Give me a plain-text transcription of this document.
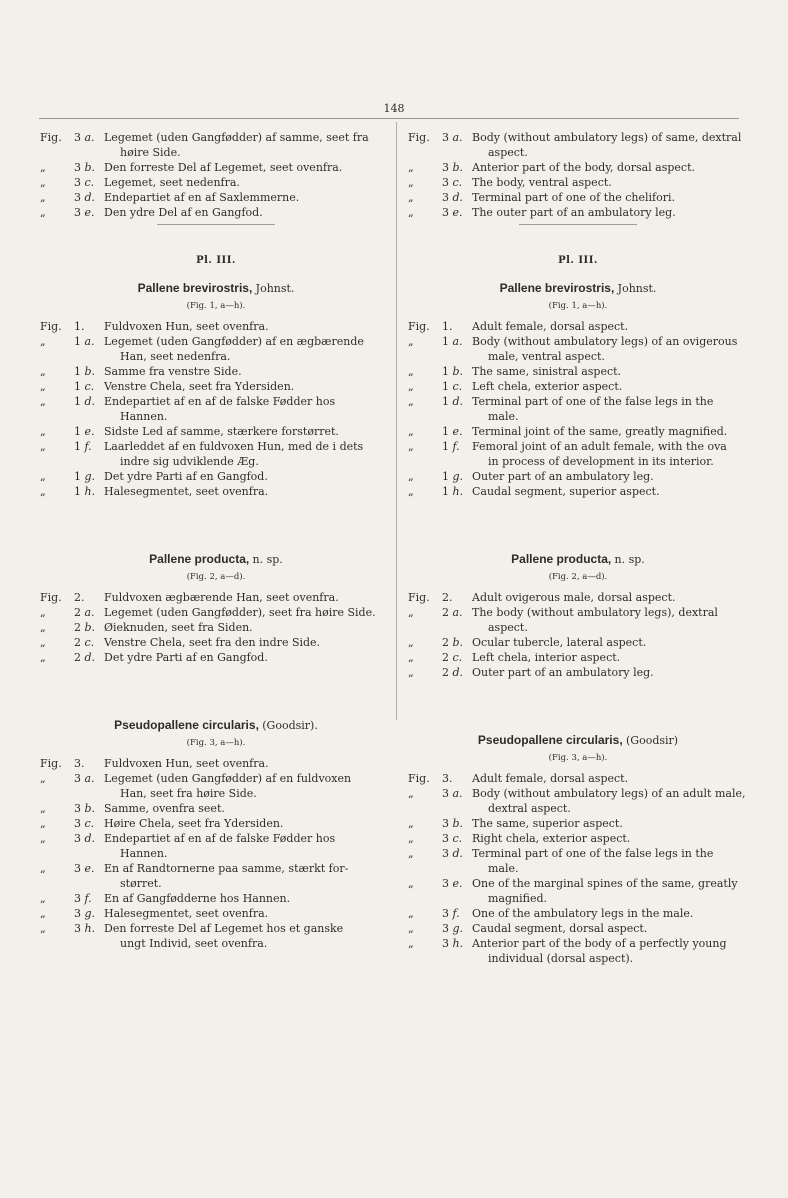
148
Fig.	3 a. Legemet (uden Gangfødder) af samme, seet fra
høire Side.
„	3 b. Den forreste Del af Legemet, seet ovenfra.
„	3 c. Legemet, seet nedenfra.
„	3 d. Endepartiet af en af Saxlemmerne.
„	3 e. Den ydre Del af en Gangfod.
Pl. III.
Pallene brevirostris, Johnst.
(Fig. 1, a—h).
Fig.	1.	Fuldvoxen Hun, seet ovenfra.
„	1 a. Legemet (uden Gangfødder) af en ægbærende
Han, seet nedenfra.
„	1 b. Samme fra venstre Side.
„	1 c. Venstre Chela, seet fra Ydersiden.
„	1 d. Endepartiet af en af de falske Fødder hos
Hannen.
„	1 e. Sidste Led af samme, stærkere forstørret.
„	1 f.	Laarleddet af en fuldvoxen Hun, med de i dets
indre sig udviklende Æg.
„	1 g. Det ydre Parti af en Gangfod.
„	1 h. Halesegmentet, seet ovenfra.
Pallene producta, n. sp.
(Fig. 2, a—d).
Fig.	2.	Fuldvoxen ægbærende Han, seet ovenfra.
„	2 a. Legemet (uden Gangfødder), seet fra høire Side.
„	2 b. Øieknuden, seet fra Siden.
„	2 c. Venstre Chela, seet fra den indre Side.
„	2 d. Det ydre Parti af en Gangfod.
Pseudopallene circularis, (Goodsir).
(Fig. 3, a—h).
Fig.	3.	Fuldvoxen Hun, seet ovenfra.
„	3 a. Legemet (uden Gangfødder) af en fuldvoxen
Han, seet fra høire Side.
„	3 b. Samme, ovenfra seet.
„	3 c. Høire Chela, seet fra Ydersiden.
„	3 d. Endepartiet af en af de falske Fødder hos
Hannen.
„	3 e. En af Randtornerne paa samme, stærkt for-
størret.
„	3 f.	En af Gangfødderne hos Hannen.
„	3 g. Halesegmentet, seet ovenfra.
„	3 h. Den forreste Del af Legemet hos et ganske
ungt Individ, seet ovenfra.
Fig.	3 a. Body (without ambulatory legs) of same, dextral
aspect.
„	3 b. Anterior part of the body, dorsal aspect.
„	3 c. The body, ventral aspect.
„	3 d. Terminal part of one of the chelifori.
„	3 e. The outer part of an ambulatory leg.
Pl. III.
Pallene brevirostris, Johnst.
(Fig. 1, a—h).
Fig.	1.	Adult female, dorsal aspect.
„	1 a. Body (without ambulatory legs) of an ovigerous
male, ventral aspect.
„	1 b. The same, sinistral aspect.
„	1 c. Left chela, exterior aspect.
„	1 d. Terminal part of one of the false legs in the
male.
„	1 e. Terminal joint of the same, greatly magnified.
„	1 f.	Femoral joint of an adult female, with the ova
in process of development in its interior.
„	1 g. Outer part of an ambulatory leg.
„	1 h. Caudal segment, superior aspect.
Pallene producta, n. sp.
(Fig. 2, a—d).
Fig.	2.	Adult ovigerous male, dorsal aspect.
„	2 a. The body (without ambulatory legs), dextral
aspect.
„	2 b. Ocular tubercle, lateral aspect.
„	2 c. Left chela, interior aspect.
„	2 d. Outer part of an ambulatory leg.
Pseudopallene circularis, (Goodsir)
(Fig. 3, a—h).
Fig.	3.	Adult female, dorsal aspect.
„	3 a. Body (without ambulatory legs) of an adult male,
dextral aspect.
„	3 b. The same, superior aspect.
„	3 c. Right chela, exterior aspect.
„	3 d. Terminal part of one of the false legs in the
male.
„	3 e. One of the marginal spines of the same, greatly
magnified.
„	3 f.	One of the ambulatory legs in the male.
„	3 g. Caudal segment, dorsal aspect.
„	3 h. Anterior part of the body of a perfectly young
individual (dorsal aspect).
